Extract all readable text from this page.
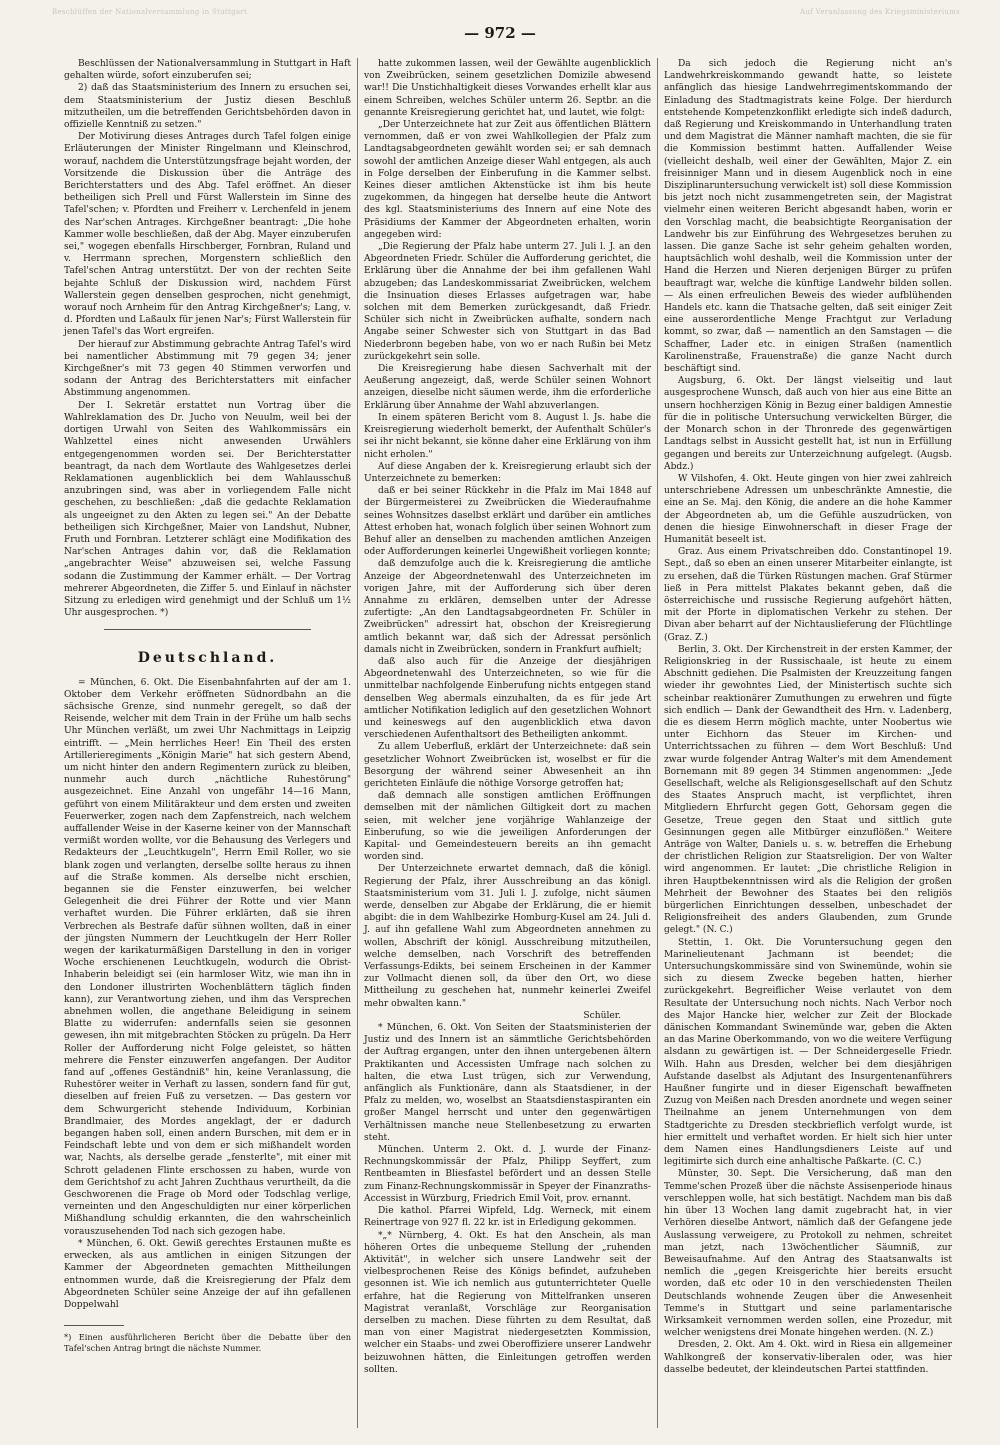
Beschlüffen der Nationalversammlung in Stuttgart	Auf Veranlassung des Kriegsministeriums
— 972 —

Beschlüssen der Nationalversammlung in Stuttgart in Haft gehalten würde, sofort einzuberufen sei;

2) daß das Staatsministerium des Innern zu ersuchen sei, dem Staatsministerium der Justiz diesen Beschluß mitzutheilen, um die betreffenden Gerichtsbehörden davon in offizielle Kenntniß zu setzen."

Der Motivirung dieses Antrages durch Tafel folgen einige Erläuterungen der Minister Ringelmann und Kleinschrod, worauf, nachdem die Unterstützungsfrage bejaht worden, der Vorsitzende die Diskussion über die Anträge des Berichterstatters und des Abg. Tafel eröffnet. An dieser betheiligen sich Prell und Fürst Wallerstein im Sinne des Tafel'schen; v. Pfordten und Freiherr v. Lerchenfeld in jenem des Nar'schen Antrages. Kirchgeßner beantragt: „Die hohe Kammer wolle beschließen, daß der Abg. Mayer einzuberufen sei," wogegen ebenfalls Hirschberger, Fornbran, Ruland und v. Herrmann sprechen, Morgenstern schließlich den Tafel'schen Antrag unterstützt. Der von der rechten Seite bejahte Schluß der Diskussion wird, nachdem Fürst Wallerstein gegen denselben gesprochen, nicht genehmigt, worauf noch Arnheim für den Antrag Kirchgeßner's; Lang, v. d. Pfordten und Laßaulx für jenen Nar's; Fürst Wallerstein für jenen Tafel's das Wort ergreifen.

Der hierauf zur Abstimmung gebrachte Antrag Tafel's wird bei namentlicher Abstimmung mit 79 gegen 34; jener Kirchgeßner's mit 73 gegen 40 Stimmen verworfen und sodann der Antrag des Berichterstatters mit einfacher Abstimmung angenommen.

Der I. Sekretär erstattet nun Vortrag über die Wahlreklamation des Dr. Jucho von Neuulm, weil bei der dortigen Urwahl von Seiten des Wahlkommissärs ein Wahlzettel eines nicht anwesenden Urwählers entgegengenommen worden sei. Der Berichterstatter beantragt, da nach dem Wortlaute des Wahlgesetzes derlei Reklamationen augenblicklich bei dem Wahlausschuß anzubringen sind, was aber in vorliegendem Falle nicht geschehen, zu beschließen: „daß die gedachte Reklamation als ungeeignet zu den Akten zu legen sei." An der Debatte betheiligen sich Kirchgeßner, Maier von Landshut, Nubner, Fruth und Fornbran. Letzterer schlägt eine Modifikation des Nar'schen Antrages dahin vor, daß die Reklamation „angebrachter Weise" abzuweisen sei, welche Fassung sodann die Zustimmung der Kammer erhält. — Der Vortrag mehrerer Abgeordneten, die Ziffer 5. und Einlauf in nächster Sitzung zu erledigen wird genehmigt und der Schluß um 1½ Uhr ausgesprochen. *)

Deutschland.

= München, 6. Okt. Die Eisenbahnfahrten auf der am 1. Oktober dem Verkehr eröffneten Südnordbahn an die sächsische Grenze, sind nunmehr geregelt, so daß der Reisende, welcher mit dem Train in der Frühe um halb sechs Uhr München verläßt, um zwei Uhr Nachmittags in Leipzig eintrifft. — „Mein herrliches Heer! Ein Theil des ersten Artillerieregiments „Königin Marie" hat sich gestern Abend, um nicht hinter den andern Regimentern zurück zu bleiben, nunmehr auch durch „nächtliche Ruhestörung" ausgezeichnet. Eine Anzahl von ungefähr 14—16 Mann, geführt von einem Militärakteur und dem ersten und zweiten Feuerwerker, zogen nach dem Zapfenstreich, nach welchem auffallender Weise in der Kaserne keiner von der Mannschaft vermißt worden wollte, vor die Behausung des Verlegers und Redakteurs der „Leuchtkugeln", Herrn Emil Roller, wo sie blank zogen und verlangten, derselbe sollte heraus zu ihnen auf die Straße kommen. Als derselbe nicht erschien, begannen sie die Fenster einzuwerfen, bei welcher Gelegenheit die drei Führer der Rotte und vier Mann verhaftet wurden. Die Führer erklärten, daß sie ihren Verbrechen als Bestrafe dafür sühnen wollten, daß in einer der jüngsten Nummern der Leuchtkugeln der Herr Roller wegen der karikaturmäßigen Darstellung in den in voriger Woche erschienenen Leuchtkugeln, wodurch die Obrist-Inhaberin beleidigt sei (ein harmloser Witz, wie man ihn in den Londoner illustrirten Wochenblättern täglich finden kann), zur Verantwortung ziehen, und ihm das Versprechen abnehmen wollen, die angethane Beleidigung in seinem Blatte zu widerrufen: andernfalls seien sie gesonnen gewesen, ihn mit mitgebrachten Stöcken zu prügeln. Da Herr Roller der Aufforderung nicht Folge geleistet, so hätten mehrere die Fenster einzuwerfen angefangen. Der Auditor fand auf „offenes Geständniß" hin, keine Veranlassung, die Ruhestörer weiter in Verhaft zu lassen, sondern fand für gut, dieselben auf freien Fuß zu versetzen. — Das gestern vor dem Schwurgericht stehende Individuum, Korbinian Brandlmaier, des Mordes angeklagt, der er dadurch begangen haben soll, einen andern Burschen, mit dem er in Feindschaft lebte und von dem er sich mißhandelt worden war, Nachts, als derselbe gerade „fensterlte", mit einer mit Schrott geladenen Flinte erschossen zu haben, wurde von dem Gerichtshof zu acht Jahren Zuchthaus verurtheilt, da die Geschworenen die Frage ob Mord oder Todschlag verlige, verneinten und den Angeschuldigten nur einer körperlichen Mißhandlung schuldig erkannten, die den wahrscheinlich vorauszusehenden Tod nach sich gezogen habe.

* München, 6. Okt. Gewiß gerechtes Erstaunen mußte es erwecken, als aus amtlichen in einigen Sitzungen der Kammer der Abgeordneten gemachten Mittheilungen entnommen wurde, daß die Kreisregierung der Pfalz dem Abgeordneten Schüler seine Anzeige der auf ihn gefallenen Doppelwahl

*) Einen ausführlicheren Bericht über die Debatte über den Tafel'schen Antrag bringt die nächste Nummer.

hatte zukommen lassen, weil der Gewählte augenblicklich von Zweibrücken, seinem gesetzlichen Domizile abwesend war!! Die Unstichhaltigkeit dieses Vorwandes erhellt klar aus einem Schreiben, welches Schüler unterm 26. Septbr. an die genannte Kreisregierung gerichtet hat, und lautet, wie folgt:

„Der Unterzeichnete hat zur Zeit aus öffentlichen Blättern vernommen, daß er von zwei Wahlkollegien der Pfalz zum Landtagsabgeordneten gewählt worden sei; er sah demnach sowohl der amtlichen Anzeige dieser Wahl entgegen, als auch in Folge derselben der Einberufung in die Kammer selbst. Keines dieser amtlichen Aktenstücke ist ihm bis heute zugekommen, da hingegen hat derselbe heute die Antwort des kgl. Staatsministeriums des Innern auf eine Note des Präsidiums der Kammer der Abgeordneten erhalten, worin angegeben wird:

„Die Regierung der Pfalz habe unterm 27. Juli l. J. an den Abgeordneten Friedr. Schüler die Aufforderung gerichtet, die Erklärung über die Annahme der bei ihm gefallenen Wahl abzugeben; das Landeskommissariat Zweibrücken, welchem die Insinuation dieses Erlasses aufgetragen war, habe solchen mit dem Bemerken zurückgesandt, daß Friedr. Schüler sich nicht in Zweibrücken aufhalte, sondern nach Angabe seiner Schwester sich von Stuttgart in das Bad Niederbronn begeben habe, von wo er nach Rußin bei Metz zurückgekehrt sein solle.

Die Kreisregierung habe diesen Sachverhalt mit der Aeußerung angezeigt, daß, werde Schüler seinen Wohnort anzeigen, dieselbe nicht säumen werde, ihm die erforderliche Erklärung über Annahme der Wahl abzuverlangen.

In einem späteren Bericht vom 8. August l. Js. habe die Kreisregierung wiederholt bemerkt, der Aufenthalt Schüler's sei ihr nicht bekannt, sie könne daher eine Erklärung von ihm nicht erholen."

Auf diese Angaben der k. Kreisregierung erlaubt sich der Unterzeichnete zu bemerken:

daß er bei seiner Rückkehr in die Pfalz im Mai 1848 auf der Bürgermeisterei zu Zweibrücken die Wiederaufnahme seines Wohnsitzes daselbst erklärt und darüber ein amtliches Attest erhoben hat, wonach folglich über seinen Wohnort zum Behuf aller an denselben zu machenden amtlichen Anzeigen oder Aufforderungen keinerlei Ungewißheit vorliegen konnte;

daß demzufolge auch die k. Kreisregierung die amtliche Anzeige der Abgeordnetenwahl des Unterzeichneten im vorigen Jahre, mit der Aufforderung sich über deren Annahme zu erklären, demselben unter der Adresse zufertigte: „An den Landtagsabgeordneten Fr. Schüler in Zweibrücken" adressirt hat, obschon der Kreisregierung amtlich bekannt war, daß sich der Adressat persönlich damals nicht in Zweibrücken, sondern in Frankfurt aufhielt;

daß also auch für die Anzeige der diesjährigen Abgeordnetenwahl des Unterzeichneten, so wie für die unmittelbar nachfolgende Einberufung nichts entgegen stand denselben Weg abermals einzuhalten, da es für jede Art amtlicher Notifikation lediglich auf den gesetzlichen Wohnort und keineswegs auf den augenblicklich etwa davon verschiedenen Aufenthaltsort des Betheiligten ankommt.

Zu allem Ueberfluß, erklärt der Unterzeichnete: daß sein gesetzlicher Wohnort Zweibrücken ist, woselbst er für die Besorgung der während seiner Abwesenheit an ihn gerichteten Einläufe die nöthige Vorsorge getroffen hat;

daß demnach alle sonstigen amtlichen Eröffnungen demselben mit der nämlichen Giltigkeit dort zu machen seien, mit welcher jene vorjährige Wahlanzeige der Einberufung, so wie die jeweiligen Anforderungen der Kapital- und Gemeindesteuern bereits an ihn gemacht worden sind.

Der Unterzeichnete erwartet demnach, daß die königl. Regierung der Pfalz, ihrer Ausschreibung an das königl. Staatsministerium vom 31. Juli l. J. zufolge, nicht säumen werde, denselben zur Abgabe der Erklärung, die er hiemit abgibt: die in dem Wahlbezirke Homburg-Kusel am 24. Juli d. J. auf ihn gefallene Wahl zum Abgeordneten annehmen zu wollen, Abschrift der königl. Ausschreibung mitzutheilen, welche demselben, nach Vorschrift des betreffenden Verfassungs-Edikts, bei seinem Erscheinen in der Kammer zur Vollmacht dienen soll, da über den Ort, wo diese Mittheilung zu geschehen hat, nunmehr keinerlei Zweifel mehr obwalten kann."

Schüler.

* München, 6. Okt. Von Seiten der Staatsministerien der Justiz und des Innern ist an sämmtliche Gerichtsbehörden der Auftrag ergangen, unter den ihnen untergebenen ältern Praktikanten und Accessisten Umfrage nach solchen zu halten, die etwa Lust trügen, sich zur Verwendung, anfänglich als Funktionäre, dann als Staatsdiener, in der Pfalz zu melden, wo, woselbst an Staatsdienstaspiranten ein großer Mangel herrscht und unter den gegenwärtigen Verhältnissen manche neue Stellenbesetzung zu erwarten steht.

München. Unterm 2. Okt. d. J. wurde der Finanz-Rechnungskommissär der Pfalz, Philipp Seyffert, zum Rentbeamten in Bliesfastel befördert und an dessen Stelle zum Finanz-Rechnungskommissär in Speyer der Finanzraths-Accessist in Würzburg, Friedrich Emil Voit, prov. ernannt.

Die kathol. Pfarrei Wipfeld, Ldg. Werneck, mit einem Reinertrage von 927 fl. 22 kr. ist in Erledigung gekommen.

*„* Nürnberg, 4. Okt. Es hat den Anschein, als man höheren Ortes die unbequeme Stellung der „ruhenden Aktivität", in welcher sich unsere Landwehr seit der vielbesprochenen Reise des Königs befindet, aufzuheben gesonnen ist. Wie ich nemlich aus gutunterrichteter Quelle erfahre, hat die Regierung von Mittelfranken unseren Magistrat veranlaßt, Vorschläge zur Reorganisation derselben zu machen. Diese führten zu dem Resultat, daß man von einer Magistrat niedergesetzten Kommission, welcher ein Staabs- und zwei Oberoffiziere unserer Landwehr beizuwohnen hätten, die Einleitungen getroffen werden sollten.

Da sich jedoch die Regierung nicht an's Landwehrkreiskommando gewandt hatte, so leistete anfänglich das hiesige Landwehrregimentskommando der Einladung des Stadtmagistrats keine Folge. Der hierdurch entstehende Kompetenzkonflikt erledigte sich indeß dadurch, daß Regierung und Kreiskommando in Unterhandlung traten und dem Magistrat die Männer namhaft machten, die sie für die Kommission bestimmt hatten. Auffallender Weise (vielleicht deshalb, weil einer der Gewählten, Major Z. ein freisinniger Mann und in diesem Augenblick noch in eine Disziplinaruntersuchung verwickelt ist) soll diese Kommission bis jetzt noch nicht zusammengetreten sein, der Magistrat vielmehr einen weiteren Bericht abgesandt haben, worin er den Vorschlag macht, die beabsichtigte Reorganisation der Landwehr bis zur Einführung des Wehrgesetzes beruhen zu lassen. Die ganze Sache ist sehr geheim gehalten worden, hauptsächlich wohl deshalb, weil die Kommission unter der Hand die Herzen und Nieren derjenigen Bürger zu prüfen beauftragt war, welche die künftige Landwehr bilden sollen. — Als einen erfreulichen Beweis des wieder aufblühenden Handels etc. kann die Thatsache gelten, daß seit einiger Zeit eine ausserordentliche Menge Frachtgut zur Verladung kommt, so zwar, daß — namentlich an den Samstagen — die Schaffner, Lader etc. in einigen Straßen (namentlich Karolinenstraße, Frauenstraße) die ganze Nacht durch beschäftigt sind.

Augsburg, 6. Okt. Der längst vielseitig und laut ausgesprochene Wunsch, daß auch von hier aus eine Bitte an unsern hochherzigen König in Bezug einer baldigen Amnestie für die in politische Untersuchung verwickelten Bürger, die der Monarch schon in der Thronrede des gegenwärtigen Landtags selbst in Aussicht gestellt hat, ist nun in Erfüllung gegangen und bereits zur Unterzeichnung aufgelegt. (Augsb. Abdz.)

W Vilshofen, 4. Okt. Heute gingen von hier zwei zahlreich unterschriebene Adressen um unbeschränkte Amnestie, die eine an Se. Maj. den König, die andere an die hohe Kammer der Abgeordneten ab, um die Gefühle auszudrücken, von denen die hiesige Einwohnerschaft in dieser Frage der Humanität beseelt ist.

Graz. Aus einem Privatschreiben ddo. Constantinopel 19. Sept., daß so eben an einen unserer Mitarbeiter einlangte, ist zu ersehen, daß die Türken Rüstungen machen. Graf Stürmer ließ in Pera mittelst Plakates bekannt geben, daß die österreichische und russische Regierung aufgehört hätten, mit der Pforte in diplomatischen Verkehr zu stehen. Der Divan aber beharrt auf der Nichtauslieferung der Flüchtlinge (Graz. Z.)

Berlin, 3. Okt. Der Kirchenstreit in der ersten Kammer, der Religionskrieg in der Russischaale, ist heute zu einem Abschnitt gediehen. Die Psalmisten der Kreuzzeitung fangen wieder ihr gewohntes Lied, der Ministertisch suchte sich scheinbar reaktionärer Zumuthungen zu erwehren und fügte sich endlich — Dank der Gewandtheit des Hrn. v. Ladenberg, die es diesem Herrn möglich machte, unter Noobertus wie unter Eichhorn das Steuer im Kirchen- und Unterrichtssachen zu führen — dem Wort Beschluß: Und zwar wurde folgender Antrag Walter's mit dem Amendement Bornemann mit 89 gegen 34 Stimmen angenommen: „Jede Gesellschaft, welche als Religionsgesellschaft auf den Schutz des Staates Anspruch macht, ist verpflichtet, ihren Mitgliedern Ehrfurcht gegen Gott, Gehorsam gegen die Gesetze, Treue gegen den Staat und sittlich gute Gesinnungen gegen alle Mitbürger einzuflößen." Weitere Anträge von Walter, Daniels u. s. w. betreffen die Erhebung der christlichen Religion zur Staatsreligion. Der von Walter wird angenommen. Er lautet: „Die christliche Religion in ihren Hauptbekenntnissen wird als die Religion der großen Mehrheit der Bewohner des Staates bei den religiös bürgerlichen Einrichtungen desselben, unbeschadet der Religionsfreiheit des anders Glaubenden, zum Grunde gelegt." (N. C.)

Stettin, 1. Okt. Die Voruntersuchung gegen den Marinelieutenant Jachmann ist beendet; die Untersuchungskommissäre sind von Swinemünde, wohin sie sich zu diesem Zwecke begeben hatten, hierher zurückgekehrt. Begreiflicher Weise verlautet von dem Resultate der Untersuchung noch nichts. Nach Verbor noch des Major Hancke hier, welcher zur Zeit der Blockade dänischen Kommandant Swinemünde war, geben die Akten an das Marine Oberkommando, von wo die weitere Verfügung alsdann zu gewärtigen ist. — Der Schneidergeselle Friedr. Wilh. Hahn aus Dresden, welcher bei dem diesjährigen Aufstande daselbst als Adjutant des Insurgentenanführers Haußner fungirte und in dieser Eigenschaft bewaffneten Zuzug von Meißen nach Dresden anordnete und wegen seiner Theilnahme an jenem Unternehmungen von dem Stadtgerichte zu Dresden steckbrieflich verfolgt wurde, ist hier ermittelt und verhaftet worden. Er hielt sich hier unter dem Namen eines Handlungsdieners Leiste auf und legitimirte sich durch eine anhaltische Paßkarte. (C. C.)

Münster, 30. Sept. Die Versicherung, daß man den Temme'schen Prozeß über die nächste Assisenperiode hinaus verschleppen wolle, hat sich bestätigt. Nachdem man bis daß hin über 13 Wochen lang damit zugebracht hat, in vier Verhören dieselbe Antwort, nämlich daß der Gefangene jede Auslassung verweigere, zu Protokoll zu nehmen, schreitet man jetzt, nach 13wöchentlicher Säumniß, zur Beweisaufnahme. Auf den Antrag des Staatsanwalts ist nemlich die „gegen Kreisgerichte hier bereits ersucht worden, daß etc oder 10 in den verschiedensten Theilen Deutschlands wohnende Zeugen über die Anwesenheit Temme's in Stuttgart und seine parlamentarische Wirksamkeit vernommen werden sollen, eine Prozedur, mit welcher wenigstens drei Monate hingehen werden. (N. Z.)

Dresden, 2. Okt. Am 4. Okt. wird in Riesa ein allgemeiner Wahlkongreß der konservativ-liberalen oder, was hier dasselbe bedeutet, der kleindeutschen Partei stattfinden.
